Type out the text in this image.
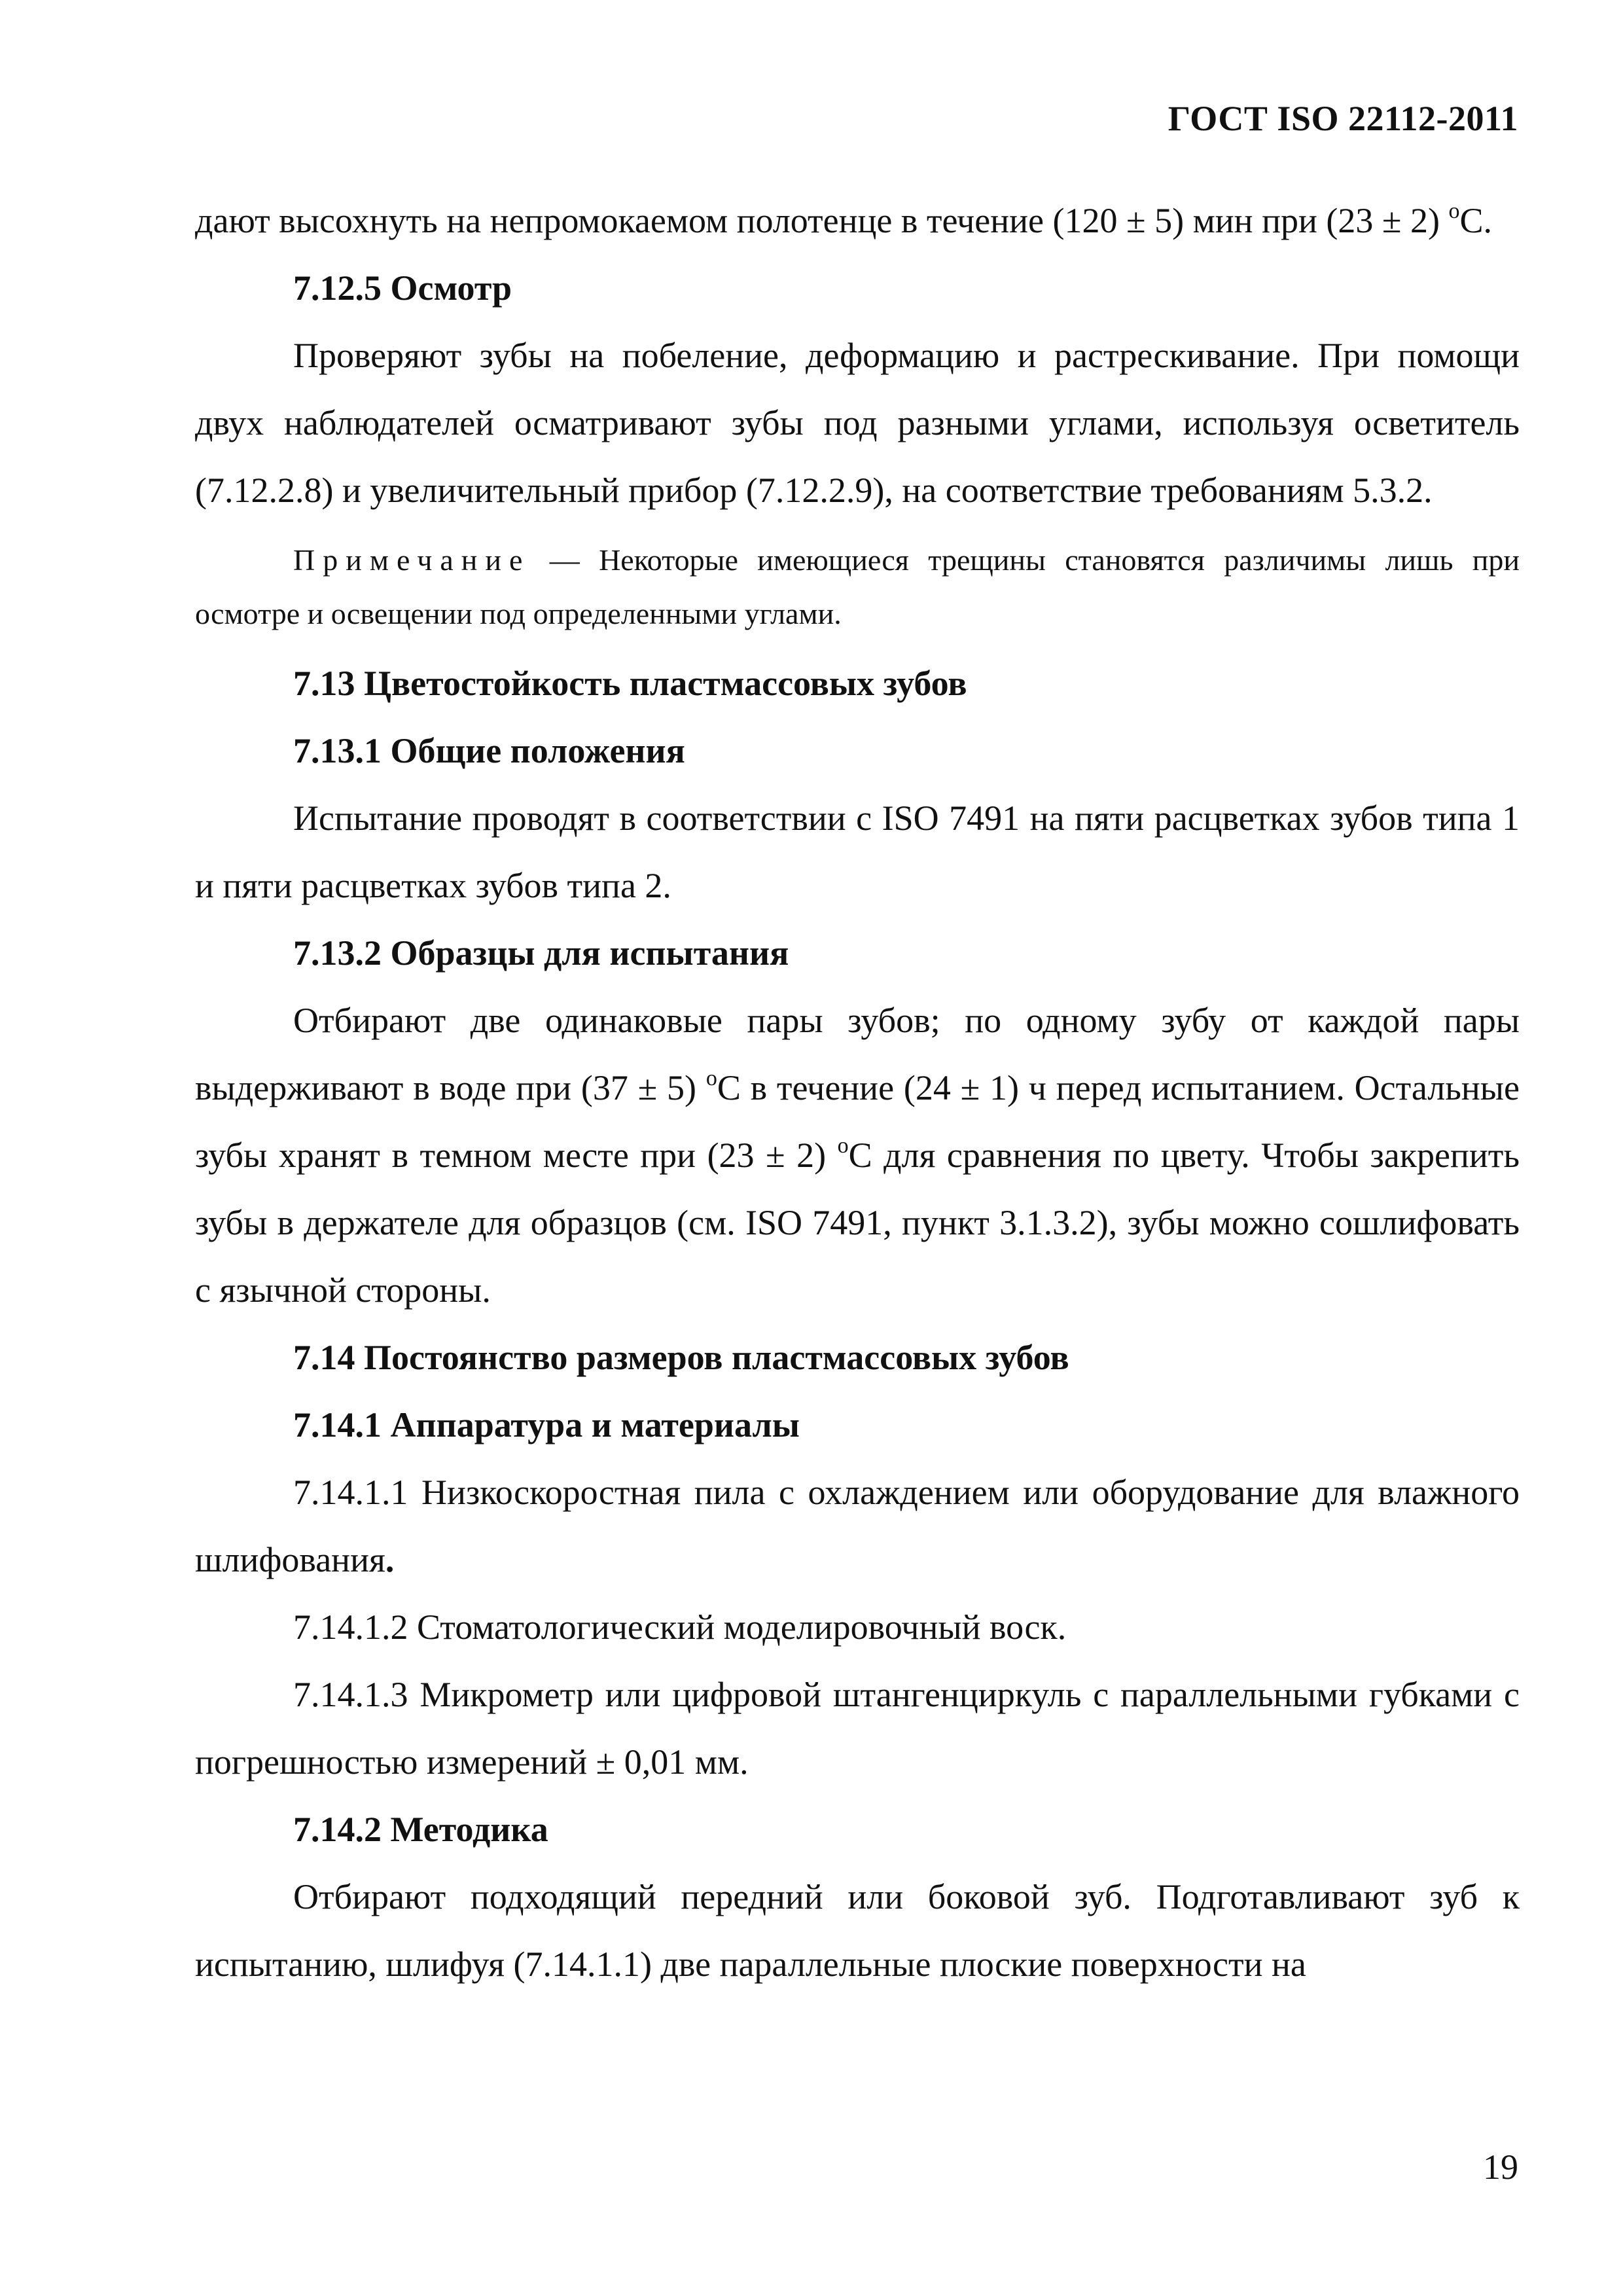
ГОСТ ISO 22112-2011

дают высохнуть на непромокаемом полотенце в течение (120 ± 5) мин при (23 ± 2) $^o$С.

7.12.5 Осмотр

Проверяют зубы на побеление, деформацию и растрескивание. При помощи двух наблюдателей осматривают зубы под разными углами, используя осветитель (7.12.2.8) и увеличительный прибор (7.12.2.9), на соответствие требованиям 5.3.2.

Примечание — Некоторые имеющиеся трещины становятся различимы лишь при осмотре и освещении под определенными углами.

7.13 Цветостойкость пластмассовых зубов

7.13.1 Общие положения

Испытание проводят в соответствии с ISO 7491 на пяти расцветках зубов типа 1 и пяти расцветках зубов типа 2.

7.13.2 Образцы для испытания

Отбирают две одинаковые пары зубов; по одному зубу от каждой пары выдерживают в воде при (37 ± 5) $^o$С в течение (24 ± 1) ч перед испытанием. Остальные зубы хранят в темном месте при (23 ± 2) $^o$С для сравнения по цвету. Чтобы закрепить зубы в держателе для образцов (см. ISO 7491, пункт 3.1.3.2), зубы можно сошлифовать с язычной стороны.

7.14 Постоянство размеров пластмассовых зубов

7.14.1 Аппаратура и материалы

7.14.1.1 Низкоскоростная пила с охлаждением или оборудование для влажного шлифования.

7.14.1.2 Стоматологический моделировочный воск.

7.14.1.3 Микрометр или цифровой штангенциркуль с параллельными губками с погрешностью измерений ± 0,01 мм.

7.14.2 Методика

Отбирают подходящий передний или боковой зуб. Подготавливают зуб к испытанию, шлифуя (7.14.1.1) две параллельные плоские поверхности на

19
